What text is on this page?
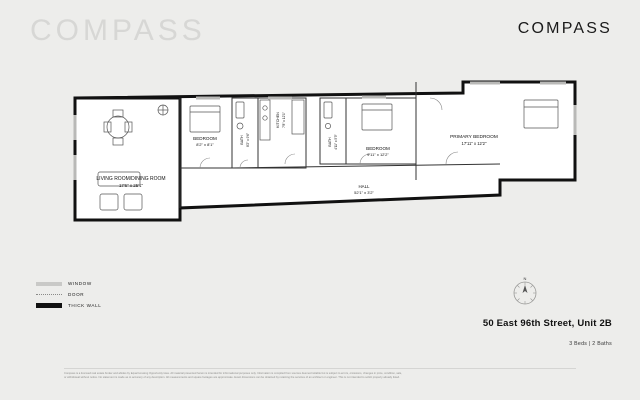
COMPASS	COMPASS
LIVING ROOM/DINING ROOM
17'6" x 25'1"
BEDROOM
8'2" x 8'1"	BATH 8'2" x 9'6"
KITCHEN 7'8" x 12'1"
BATH 4'11" x 5'5"	BEDROOM
9'11" x 12'2"
PRIMARY BEDROOM
17'11" x 12'2"
HALL
52'1" x 3'2"
WINDOW
DOOR
THICK WALL
N
50 East 96th Street, Unit 2B
3 Beds | 2 Baths
Compass is a licensed real estate broker and abides by Equal Housing Opportunity laws. All material presented herein is intended for informational purposes only. Information is compiled from sources deemed reliable but is subject to errors, omissions, changes in price, condition, sale,
or withdrawal without notice. No statement is made as to accuracy of any description. All measurements and square footages are approximate. Exact dimensions can be obtained by retaining the services of an architect or engineer. This is not intended to solicit property already listed.
